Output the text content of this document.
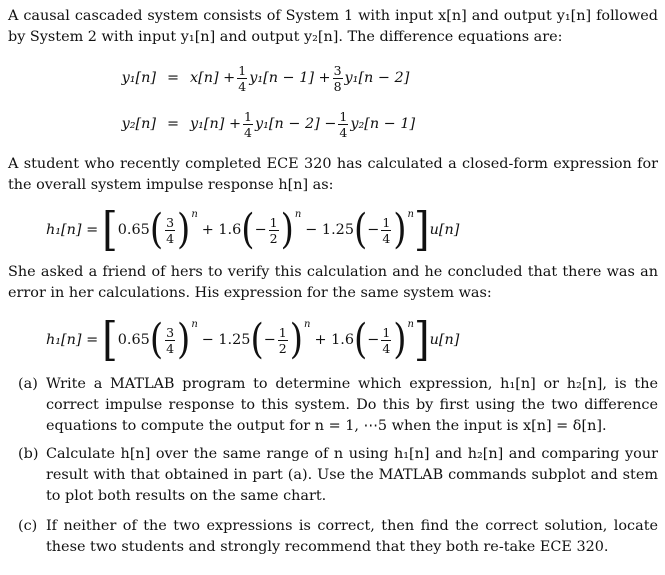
A causal cascaded system consists of System 1 with input x[n] and output y₁[n] followed by System 2 with input y₁[n] and output y₂[n]. The difference equations are:
$y_1[n] = x[n] + \frac{1}{4} y_1[n - 1] + \frac{3}{8} y_1[n - 2]$
$y_2[n] = y_1[n] + \frac{1}{4} y_1[n - 2] - \frac{1}{4} y_2[n - 1]$
A student who recently completed ECE 320 has calculated a closed-form expression for the overall system impulse response h[n] as:
h₁[n] = [ 0.65 ( $\frac{3}{4}$ ) n
+ 1.6 ( − $\frac{1}{2}$ ) n
− 1.25 ( − $\frac{1}{4}$ ) n ] u[n]
She asked a friend of hers to verify this calculation and he concluded that there was an error in her calculations. His expression for the same system was:
h₁[n] = [ 0.65 ( $\frac{3}{4}$ ) n
− 1.25 ( − $\frac{1}{2}$ ) n
+ 1.6 ( − $\frac{1}{4}$ ) n ] u[n]
(a) Write a MATLAB program to determine which expression, h₁[n] or h₂[n], is the correct impulse response to this system. Do this by first using the two difference equations to compute the output for n = 1, ⋯5 when the input is x[n] = δ[n].
(b) Calculate h[n] over the same range of n using h₁[n] and h₂[n] and comparing your result with that obtained in part (a). Use the MATLAB commands subplot and stem to plot both results on the same chart.
(c) If neither of the two expressions is correct, then find the correct solution, locate these two students and strongly recommend that they both re-take ECE 320.
